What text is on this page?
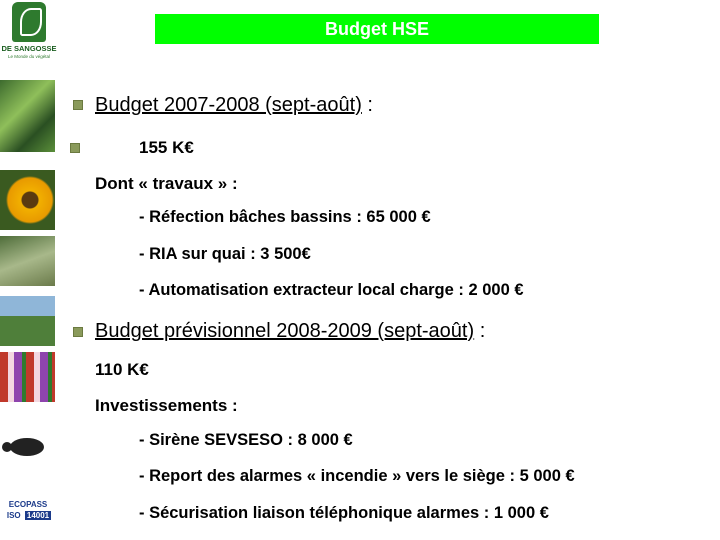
DE SANGOSSE
Le Monde du végétal
ECOPASS
ISO 14001
Budget HSE
Budget 2007-2008 (sept-août) :
155 K€
Dont « travaux » :
- Réfection bâches bassins : 65 000 €
- RIA sur quai : 3 500€
- Automatisation extracteur local charge : 2 000 €
Budget prévisionnel 2008-2009 (sept-août) :
110 K€
Investissements :
- Sirène SEVSESO : 8 000 €
- Report des alarmes « incendie » vers le siège : 5 000 €
- Sécurisation liaison téléphonique alarmes : 1 000 €
